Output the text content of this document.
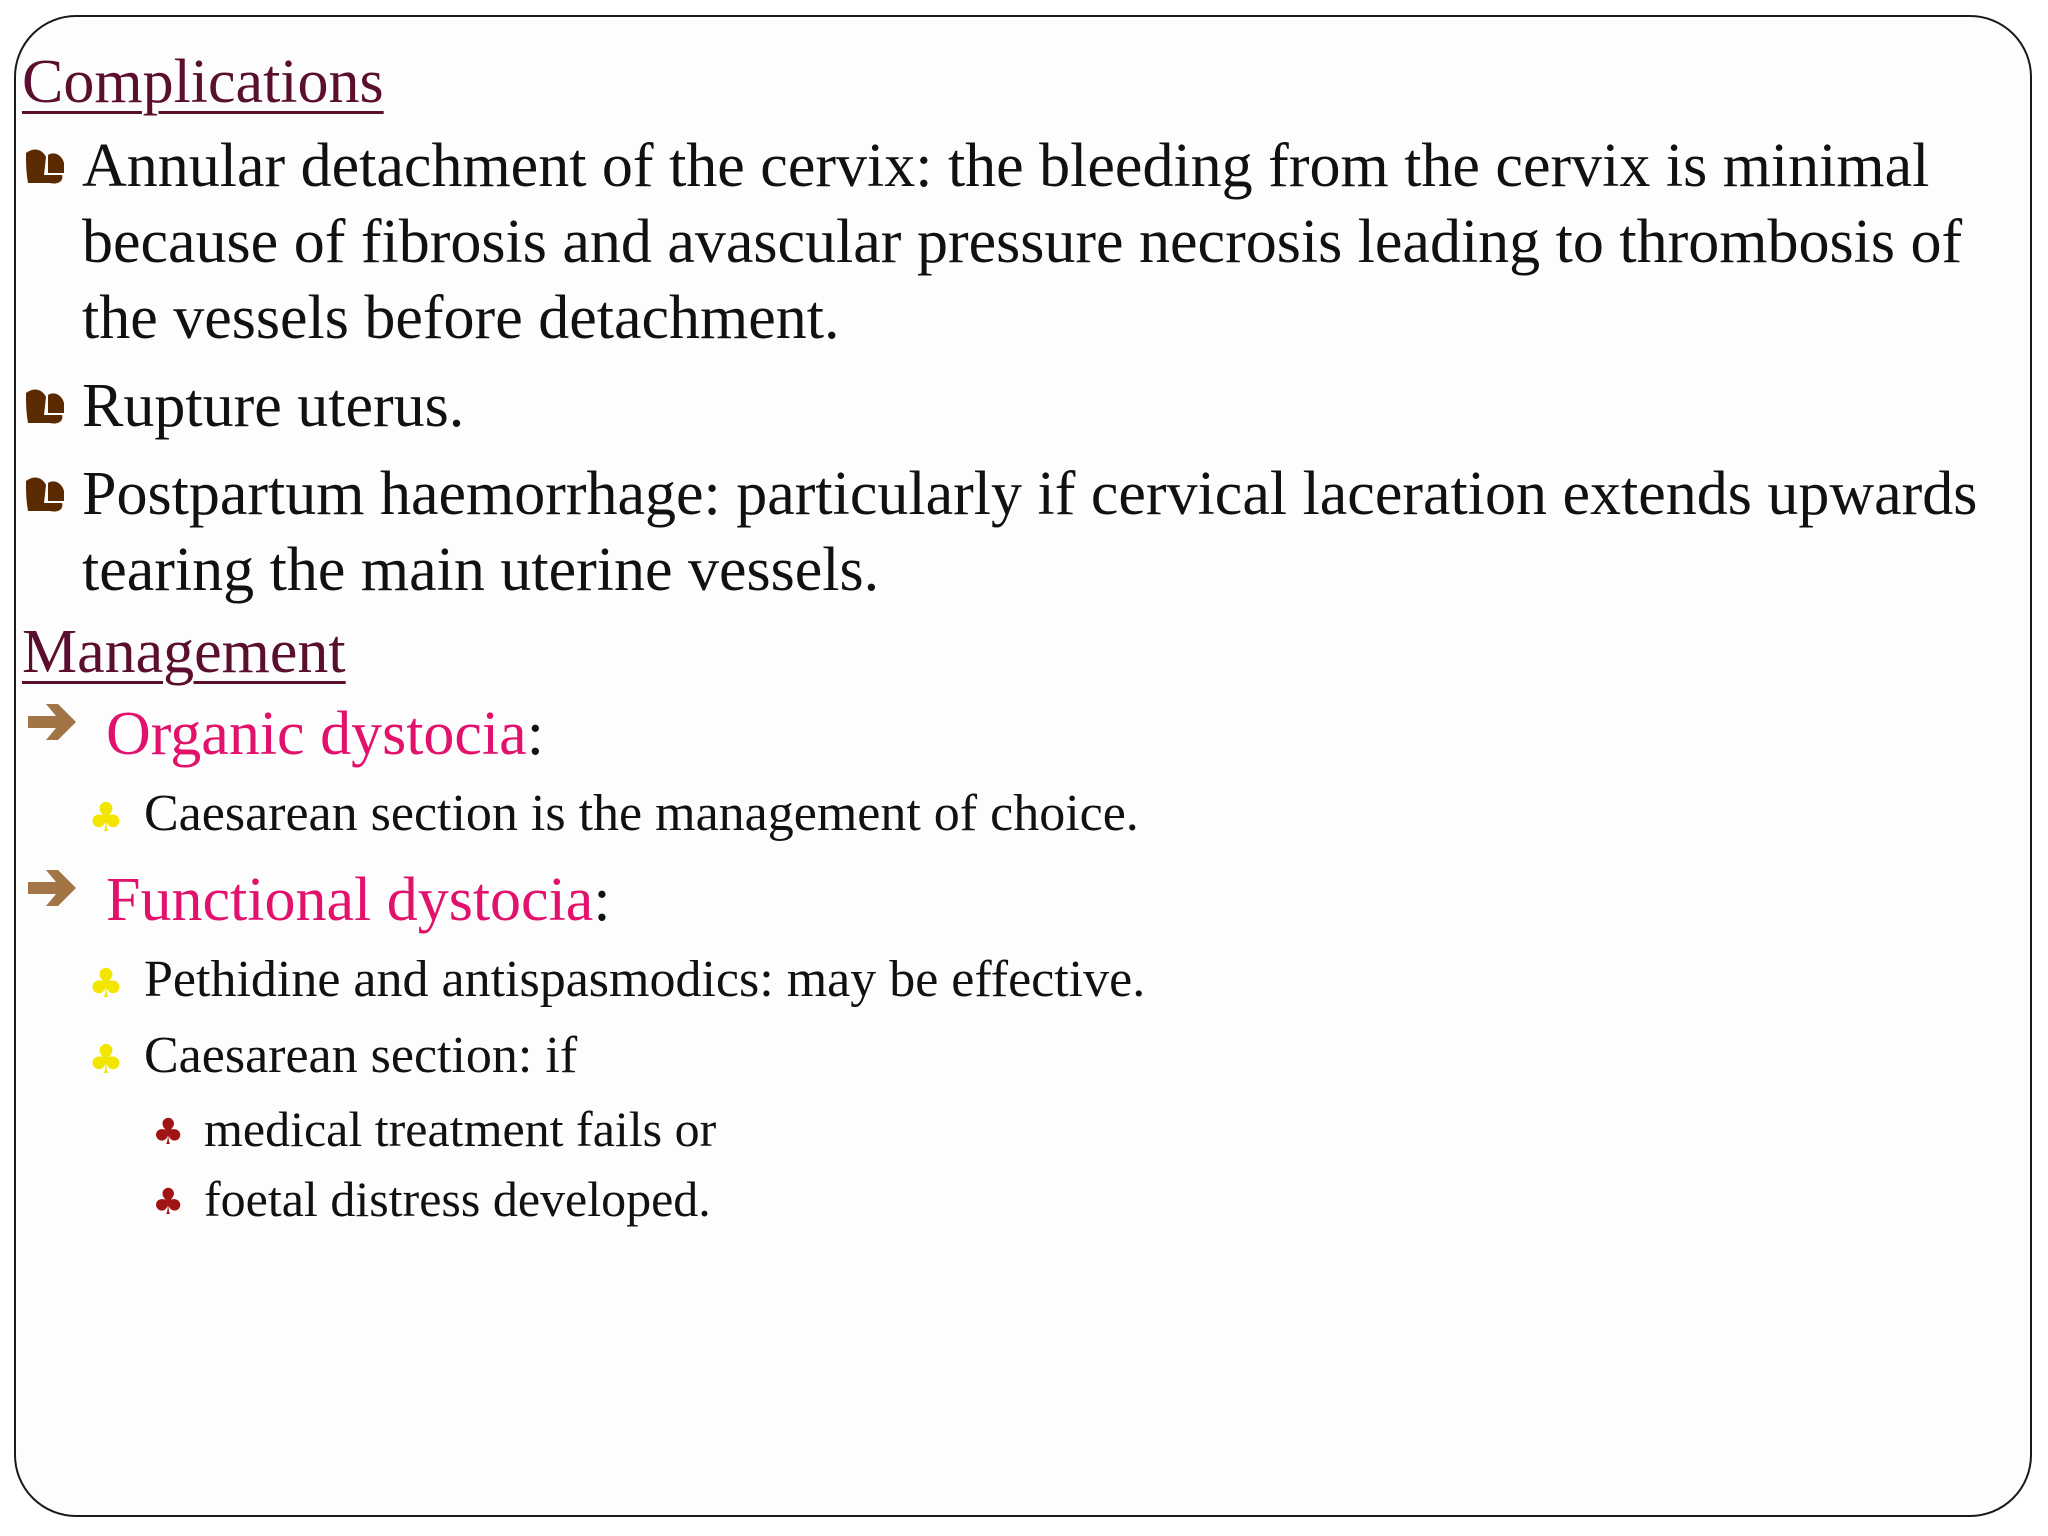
Complications
Annular detachment of the cervix: the bleeding from the cervix is minimal because of fibrosis and avascular pressure necrosis leading to thrombosis of the vessels before detachment.
Rupture uterus.
Postpartum haemorrhage: particularly if cervical laceration extends upwards tearing the main uterine vessels.
Management
Organic dystocia:
♣ Caesarean section is the management of choice.
Functional dystocia:
♣ Pethidine and antispasmodics: may be effective.
♣ Caesarean section: if
♣ medical treatment fails or
♣ foetal distress developed.
